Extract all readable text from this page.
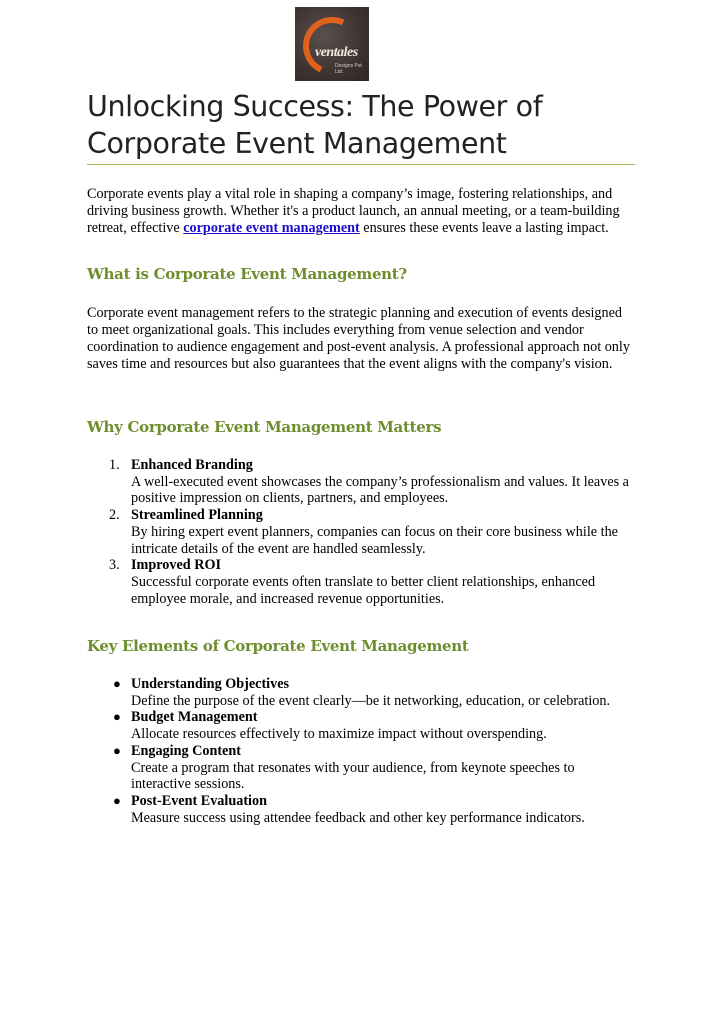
ventales
Designs Pvt. Ltd.
Unlocking Success: The Power of Corporate Event Management

Corporate events play a vital role in shaping a company’s image, fostering relationships, and driving business growth. Whether it's a product launch, an annual meeting, or a team-building retreat, effective corporate event management ensures these events leave a lasting impact.

What is Corporate Event Management?

Corporate event management refers to the strategic planning and execution of events designed to meet organizational goals. This includes everything from venue selection and vendor coordination to audience engagement and post-event analysis. A professional approach not only saves time and resources but also guarantees that the event aligns with the company's vision.

Why Corporate Event Management Matters
1. Enhanced Branding
A well-executed event showcases the company’s professionalism and values. It leaves a positive impression on clients, partners, and employees.
2. Streamlined Planning
By hiring expert event planners, companies can focus on their core business while the intricate details of the event are handled seamlessly.
3. Improved ROI
Successful corporate events often translate to better client relationships, enhanced employee morale, and increased revenue opportunities.
Key Elements of Corporate Event Management
● Understanding Objectives
Define the purpose of the event clearly—be it networking, education, or celebration.
● Budget Management
Allocate resources effectively to maximize impact without overspending.
● Engaging Content
Create a program that resonates with your audience, from keynote speeches to interactive sessions.
● Post-Event Evaluation
Measure success using attendee feedback and other key performance indicators.
